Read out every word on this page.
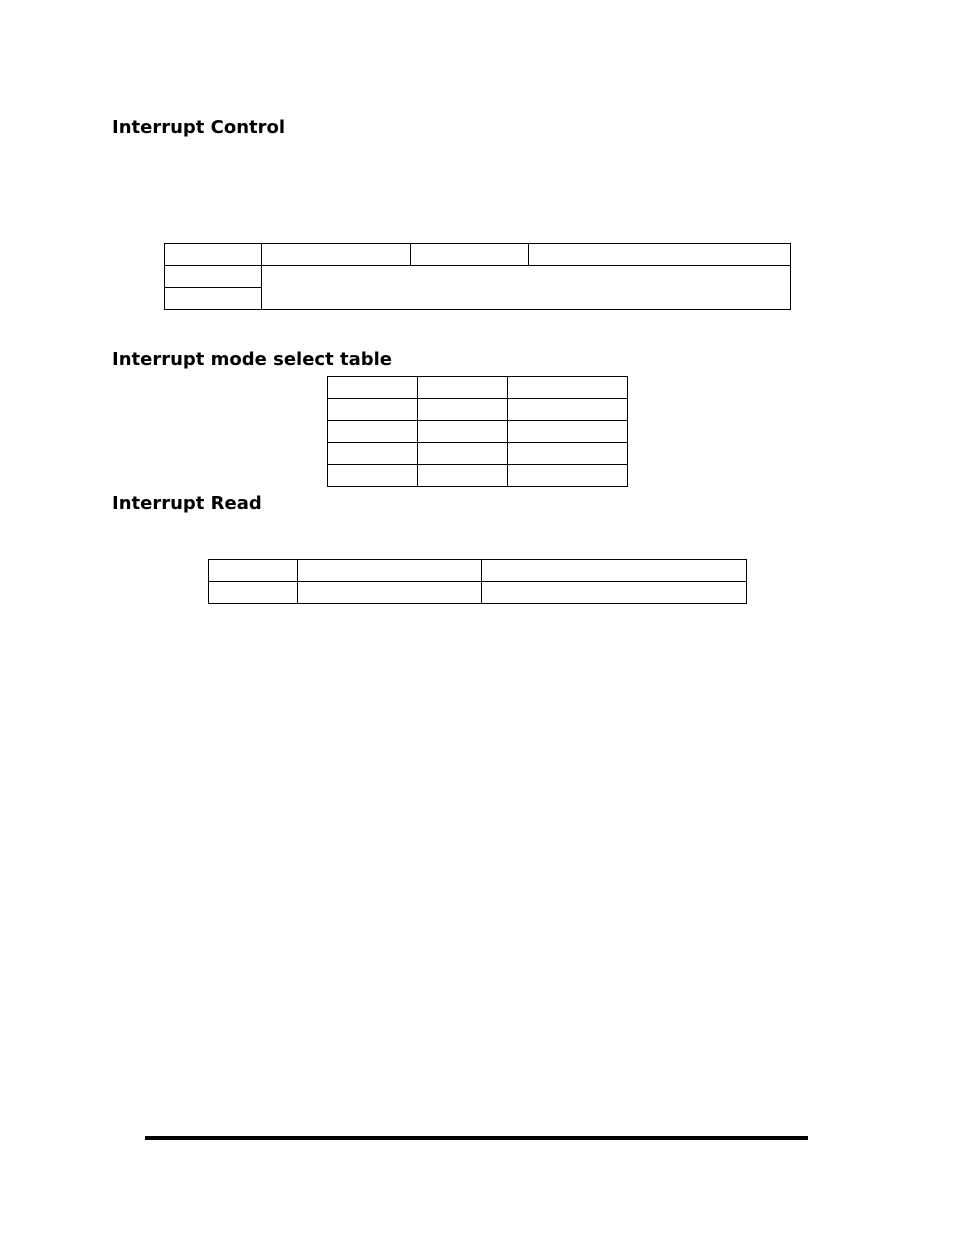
Interrupt Control

Interrupt mode select table

Interrupt Read
